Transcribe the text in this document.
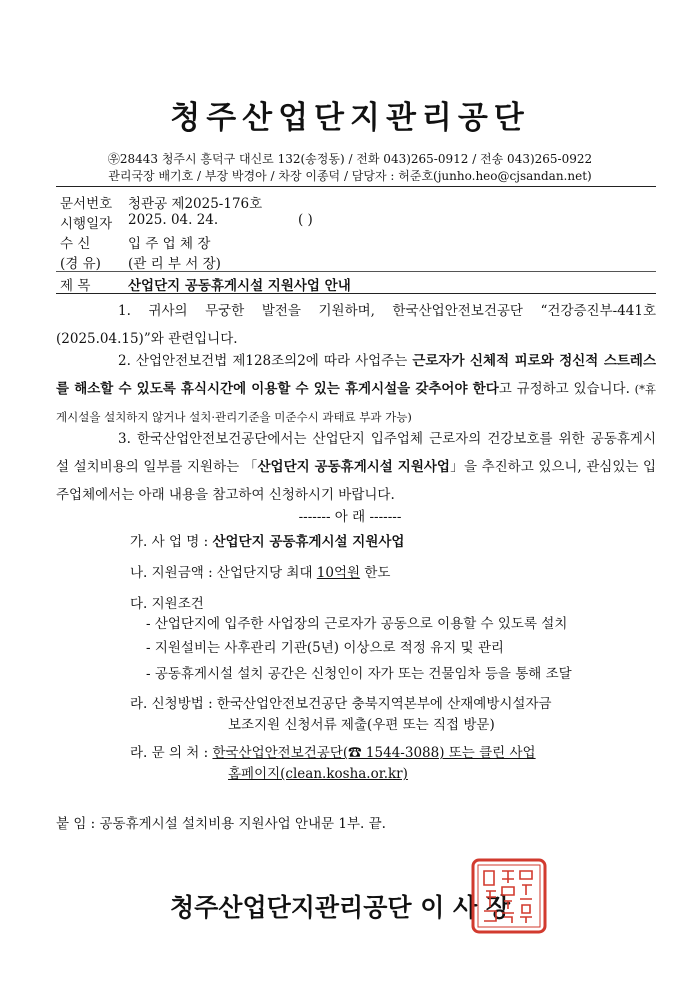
청주산업단지관리공단
㉾28443 청주시 흥덕구 대신로 132(송정동) / 전화 043)265-0912 / 전송 043)265-0922
관리국장 배기호 / 부장 박경아 / 차장 이종덕 / 담당자 : 허준호(junho.heo@cjsandan.net)
문서번호 청관공 제2025-176호
시행일자 2025. 04. 24.	( )
수 신	입 주 업 체 장
(경 유) (관 리 부 서 장)
제 목	산업단지 공동휴게시설 지원사업 안내
1. 귀사의 무궁한 발전을 기원하며, 한국산업안전보건공단 “건강증진부-441호(2025.04.15)”와 관련입니다.
2. 산업안전보건법 제128조의2에 따라 사업주는 근로자가 신체적 피로와 정신적 스트레스를 해소할 수 있도록 휴식시간에 이용할 수 있는 휴게시설을 갖추어야 한다고 규정하고 있습니다. (*휴게시설을 설치하지 않거나 설치·관리기준을 미준수시 과태료 부과 가능)
3. 한국산업안전보건공단에서는 산업단지 입주업체 근로자의 건강보호를 위한 공동휴게시설 설치비용의 일부를 지원하는 「산업단지 공동휴게시설 지원사업」을 추진하고 있으니, 관심있는 입주업체에서는 아래 내용을 참고하여 신청하시기 바랍니다.
------- 아 래 -------
가. 사 업 명 : 산업단지 공동휴게시설 지원사업
나. 지원금액 : 산업단지당 최대 10억원 한도
다. 지원조건
- 산업단지에 입주한 사업장의 근로자가 공동으로 이용할 수 있도록 설치
- 지원설비는 사후관리 기관(5년) 이상으로 적정 유지 및 관리
- 공동휴게시설 설치 공간은 신청인이 자가 또는 건물임차 등을 통해 조달
라. 신청방법 : 한국산업안전보건공단 충북지역본부에 산재예방시설자금
보조지원 신청서류 제출(우편 또는 직접 방문)
라. 문 의 처 : 한국산업안전보건공단(☎ 1544-3088) 또는 클린 사업
홈페이지(clean.kosha.or.kr)
붙 임 : 공동휴게시설 설치비용 지원사업 안내문 1부. 끝.
청주산업단지관리공단 이 사 장
